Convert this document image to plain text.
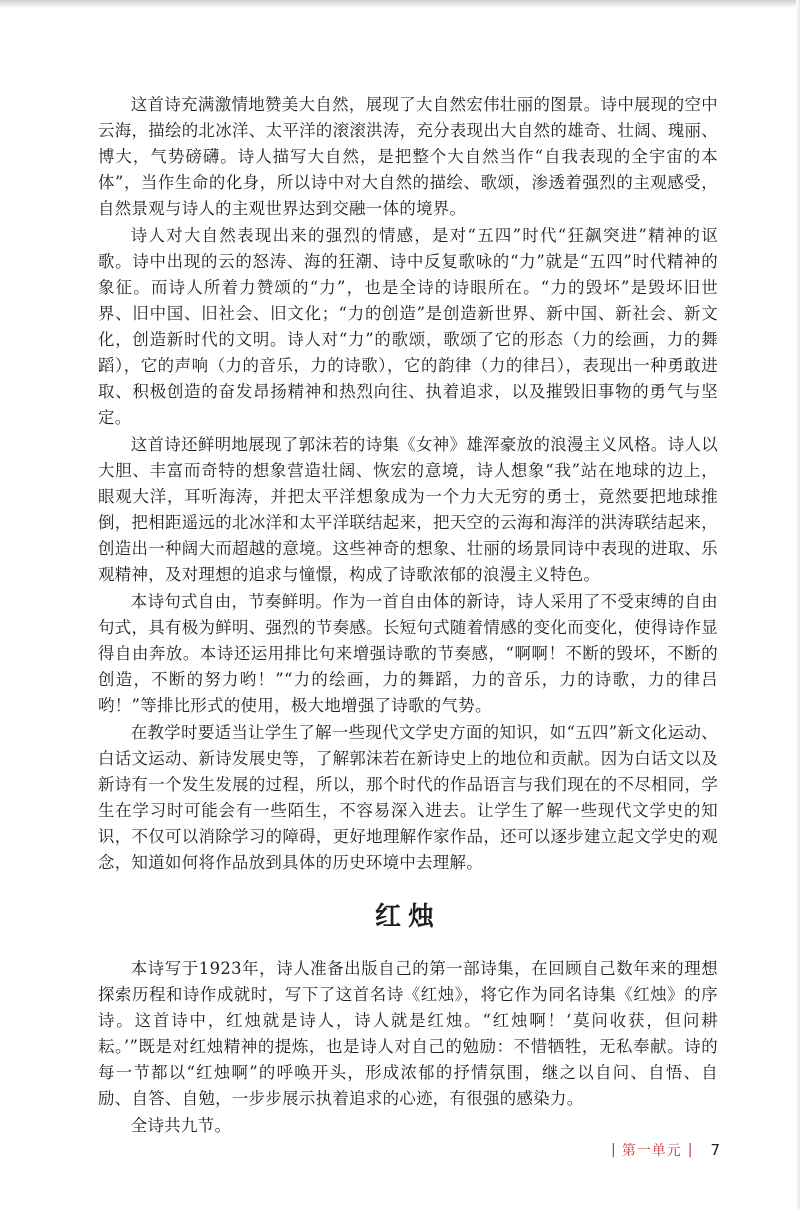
这首诗充满激情地赞美大自然，展现了大自然宏伟壮丽的图景。诗中展现的空中云海，描绘的北冰洋、太平洋的滚滚洪涛，充分表现出大自然的雄奇、壮阔、瑰丽、博大，气势磅礴。诗人描写大自然，是把整个大自然当作“自我表现的全宇宙的本体”，当作生命的化身，所以诗中对大自然的描绘、歌颂，渗透着强烈的主观感受，自然景观与诗人的主观世界达到交融一体的境界。

诗人对大自然表现出来的强烈的情感，是对“五四”时代“狂飙突进”精神的讴歌。诗中出现的云的怒涛、海的狂潮、诗中反复歌咏的“力”就是“五四”时代精神的象征。而诗人所着力赞颂的“力”，也是全诗的诗眼所在。“力的毁坏”是毁坏旧世界、旧中国、旧社会、旧文化；“力的创造”是创造新世界、新中国、新社会、新文化，创造新时代的文明。诗人对“力”的歌颂，歌颂了它的形态（力的绘画，力的舞蹈），它的声响（力的音乐，力的诗歌），它的韵律（力的律吕），表现出一种勇敢进取、积极创造的奋发昂扬精神和热烈向往、执着追求，以及摧毁旧事物的勇气与坚定。

这首诗还鲜明地展现了郭沫若的诗集《女神》雄浑豪放的浪漫主义风格。诗人以大胆、丰富而奇特的想象营造壮阔、恢宏的意境，诗人想象“我”站在地球的边上，眼观大洋，耳听海涛，并把太平洋想象成为一个力大无穷的勇士，竟然要把地球推倒，把相距遥远的北冰洋和太平洋联结起来，把天空的云海和海洋的洪涛联结起来，创造出一种阔大而超越的意境。这些神奇的想象、壮丽的场景同诗中表现的进取、乐观精神，及对理想的追求与憧憬，构成了诗歌浓郁的浪漫主义特色。

本诗句式自由，节奏鲜明。作为一首自由体的新诗，诗人采用了不受束缚的自由句式，具有极为鲜明、强烈的节奏感。长短句式随着情感的变化而变化，使得诗作显得自由奔放。本诗还运用排比句来增强诗歌的节奏感，“啊啊！不断的毁坏，不断的创造，不断的努力哟！”“力的绘画，力的舞蹈，力的音乐，力的诗歌，力的律吕哟！”等排比形式的使用，极大地增强了诗歌的气势。

在教学时要适当让学生了解一些现代文学史方面的知识，如“五四”新文化运动、白话文运动、新诗发展史等，了解郭沫若在新诗史上的地位和贡献。因为白话文以及新诗有一个发生发展的过程，所以，那个时代的作品语言与我们现在的不尽相同，学生在学习时可能会有一些陌生，不容易深入进去。让学生了解一些现代文学史的知识，不仅可以消除学习的障碍，更好地理解作家作品，还可以逐步建立起文学史的观念，知道如何将作品放到具体的历史环境中去理解。

红烛

本诗写于1923年，诗人准备出版自己的第一部诗集，在回顾自己数年来的理想探索历程和诗作成就时，写下了这首名诗《红烛》，将它作为同名诗集《红烛》的序诗。这首诗中，红烛就是诗人，诗人就是红烛。“红烛啊！‘莫问收获，但问耕耘。’”既是对红烛精神的提炼，也是诗人对自己的勉励：不惜牺牲，无私奉献。诗的每一节都以“红烛啊”的呼唤开头，形成浓郁的抒情氛围，继之以自问、自悟、自励、自答、自勉，一步步展示执着追求的心迹，有很强的感染力。

全诗共九节。

| 第一单元 | 7
